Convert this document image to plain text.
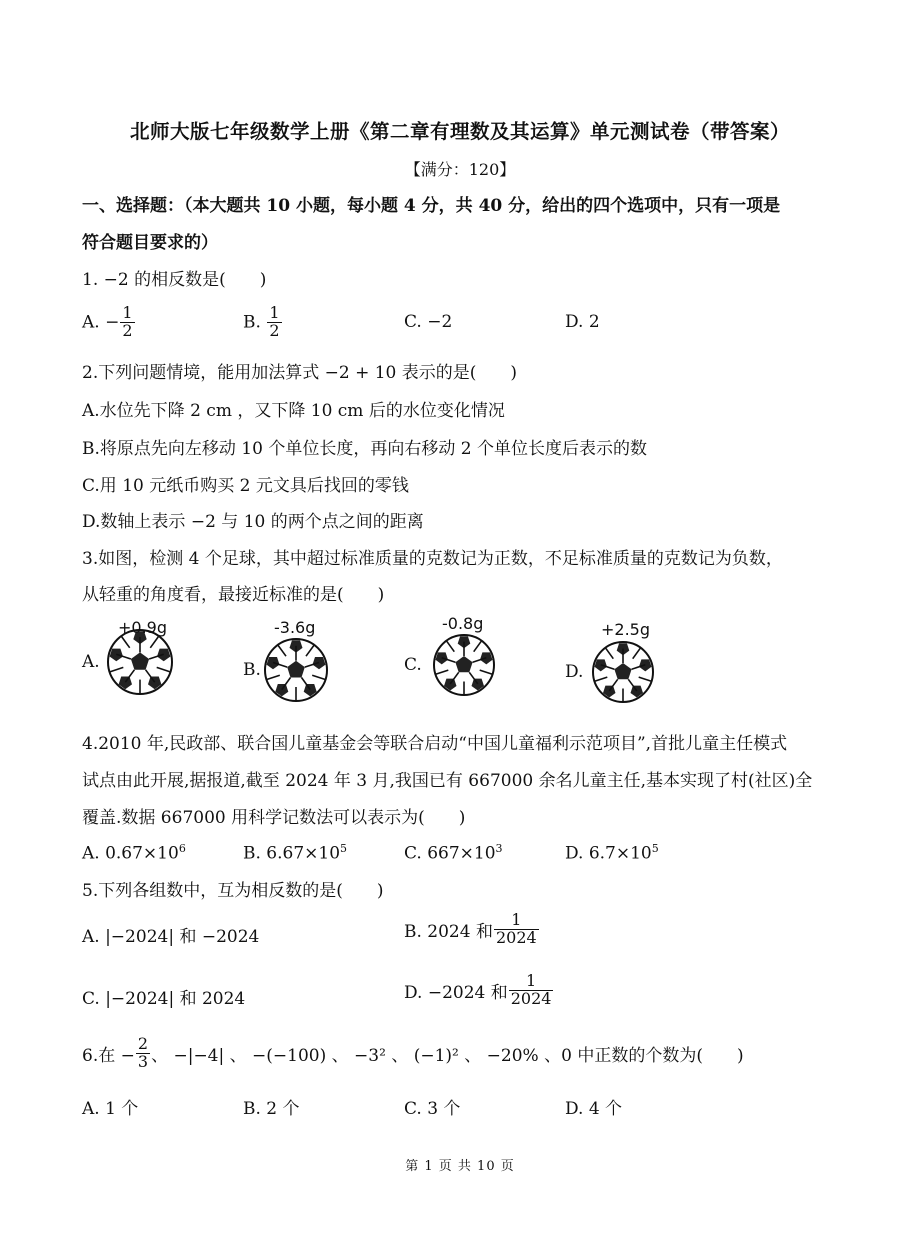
北师大版七年级数学上册《第二章有理数及其运算》单元测试卷（带答案）
【满分：120】
一、选择题：（本大题共 10 小题，每小题 4 分，共 40 分，给出的四个选项中，只有一项是
符合题目要求的）
1. −2 的相反数是(　　)
A. − $\frac{1}{2}$	B. $\frac{1}{2}$	C. −2	D. 2
2.下列问题情境，能用加法算式 −2 + 10 表示的是(　　)
A.水位先下降 2 cm ，又下降 10 cm 后的水位变化情况
B.将原点先向左移动 10 个单位长度，再向右移动 2 个单位长度后表示的数
C.用 10 元纸币购买 2 元文具后找回的零钱
D.数轴上表示 −2 与 10 的两个点之间的距离
3.如图，检测 4 个足球，其中超过标准质量的克数记为正数，不足标准质量的克数记为负数，
从轻重的角度看，最接近标准的是(　　)
A.
+0.9g
B.
-3.6g
C.
-0.8g
D.
+2.5g
4.2010 年,民政部、联合国儿童基金会等联合启动“中国儿童福利示范项目”,首批儿童主任模式
试点由此开展,据报道,截至 2024 年 3 月,我国已有 667000 余名儿童主任,基本实现了村(社区)全
覆盖.数据 667000 用科学记数法可以表示为(　　)
A. $0.67\times 10^6$	B. $6.67\times 10^5$	C. $667\times 10^3$	D. $6.7\times 10^5$
5.下列各组数中，互为相反数的是(　　)
A. |−2024| 和 −2024	B. 2024 和 $\frac{1}{2024}$
C. |−2024| 和 2024	D. −2024 和 $\frac{1}{2024}$
6.在 − $\frac{2}{3}$ 、 −|−4| 、 −(−100) 、 −3² 、 (−1)² 、 −20% 、0 中正数的个数为(　　)
A. 1 个	B. 2 个	C. 3 个	D. 4 个
第 1 页 共 10 页
